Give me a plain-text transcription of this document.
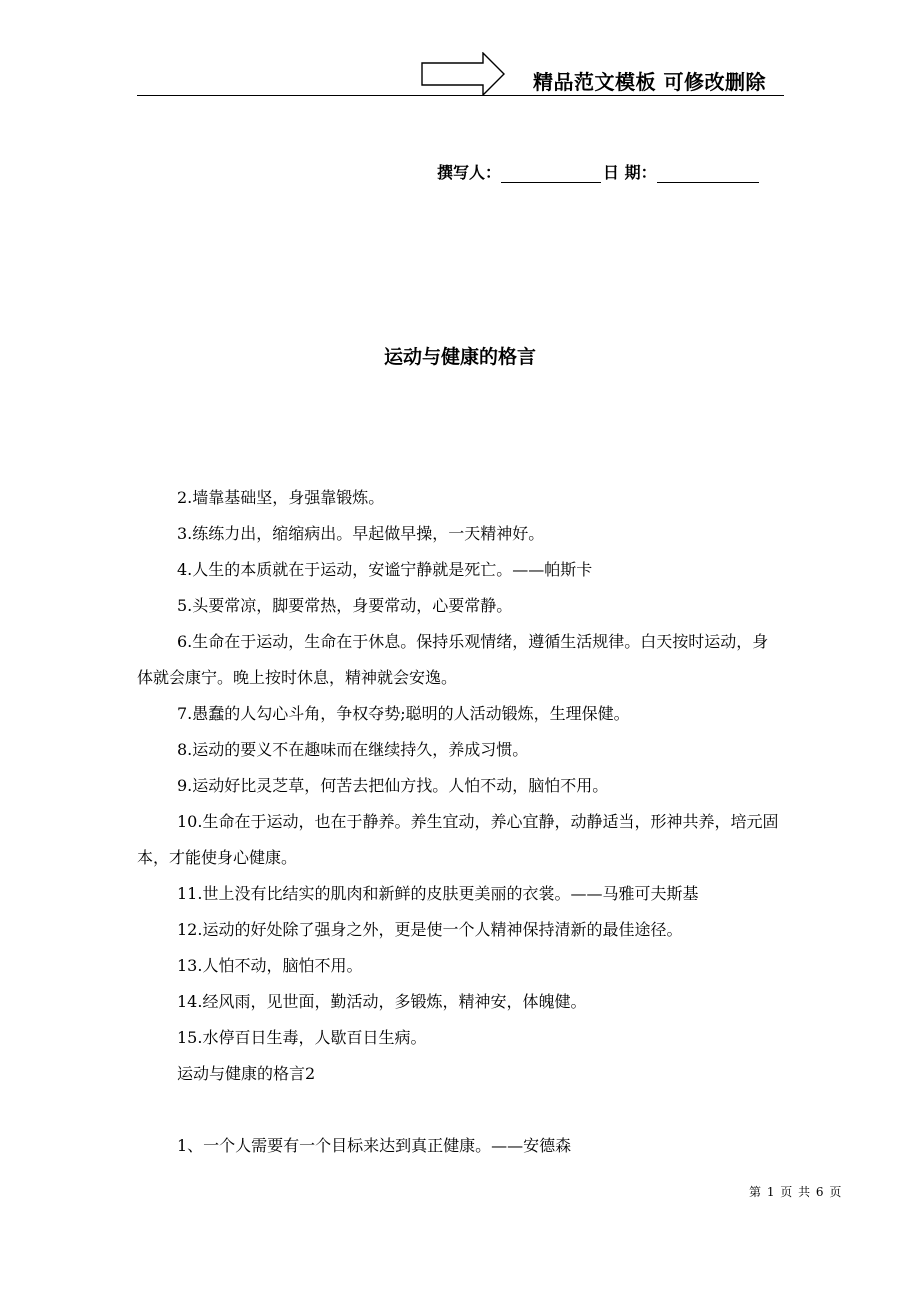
精品范文模板 可修改删除
撰写人：	日 期：
运动与健康的格言

2.墙靠基础坚，身强靠锻炼。

3.练练力出，缩缩病出。早起做早操，一天精神好。

4.人生的本质就在于运动，安谧宁静就是死亡。——帕斯卡

5.头要常凉，脚要常热，身要常动，心要常静。

6.生命在于运动，生命在于休息。保持乐观情绪，遵循生活规律。白天按时运动，身体就会康宁。晚上按时休息，精神就会安逸。

7.愚蠢的人勾心斗角，争权夺势;聪明的人活动锻炼，生理保健。

8.运动的要义不在趣味而在继续持久，养成习惯。

9.运动好比灵芝草，何苦去把仙方找。人怕不动，脑怕不用。

10.生命在于运动，也在于静养。养生宜动，养心宜静，动静适当，形神共养，培元固本，才能使身心健康。

11.世上没有比结实的肌肉和新鲜的皮肤更美丽的衣裳。——马雅可夫斯基

12.运动的好处除了强身之外，更是使一个人精神保持清新的最佳途径。

13.人怕不动，脑怕不用。

14.经风雨，见世面，勤活动，多锻炼，精神安，体魄健。

15.水停百日生毒，人歇百日生病。

运动与健康的格言2

1、一个人需要有一个目标来达到真正健康。——安德森

第 1 页 共 6 页
